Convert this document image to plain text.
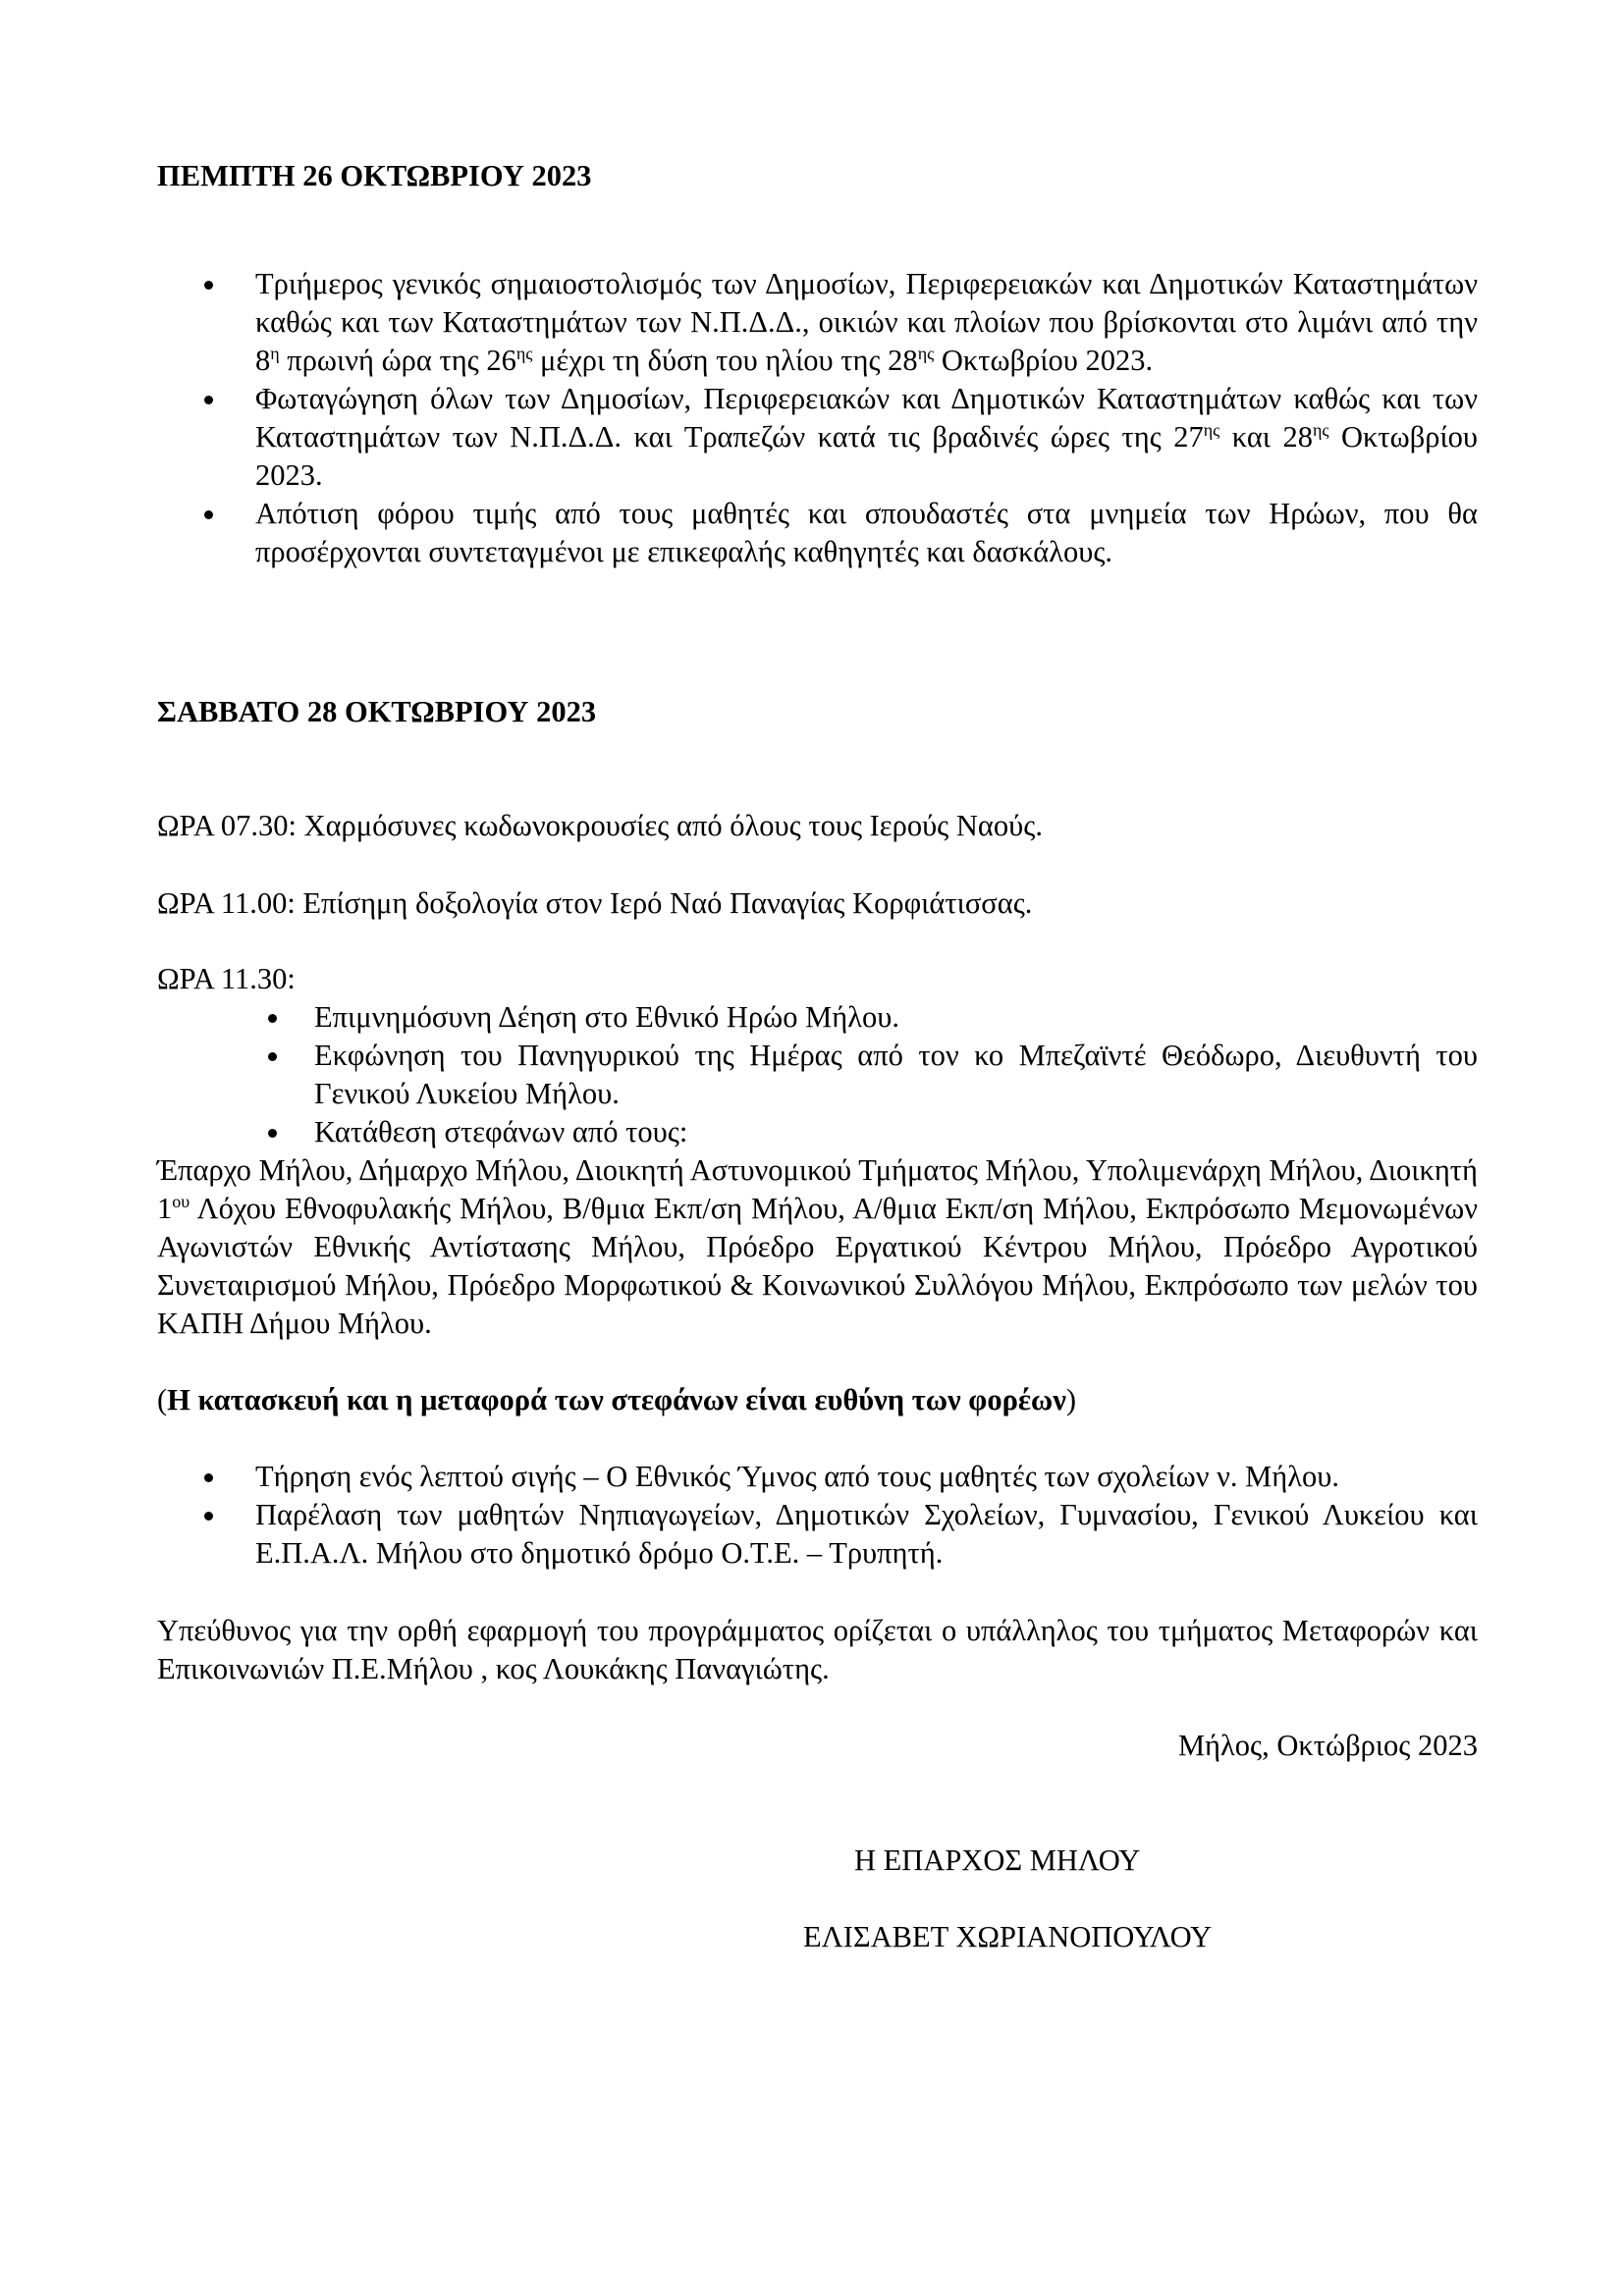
ΠΕΜΠΤΗ 26 ΟΚΤΩΒΡΙΟΥ 2023
Τριήμερος γενικός σημαιοστολισμός των Δημοσίων, Περιφερειακών και Δημοτικών Καταστημάτων καθώς και των Καταστημάτων των Ν.Π.Δ.Δ., οικιών και πλοίων που βρίσκονται στο λιμάνι από την $8^\eta$ πρωινή ώρα της $26^{\eta\varsigma}$ μέχρι τη δύση του ηλίου της $28^{\eta\varsigma}$ Οκτωβρίου 2023.
Φωταγώγηση όλων των Δημοσίων, Περιφερειακών και Δημοτικών Καταστημάτων καθώς και των Καταστημάτων των Ν.Π.Δ.Δ. και Τραπεζών κατά τις βραδινές ώρες της $27^{\eta\varsigma}$ και $28^{\eta\varsigma}$ Οκτωβρίου 2023.
Απότιση φόρου τιμής από τους μαθητές και σπουδαστές στα μνημεία των Ηρώων, που θα προσέρχονται συντεταγμένοι με επικεφαλής καθηγητές και δασκάλους.
ΣΑΒΒΑΤΟ 28 ΟΚΤΩΒΡΙΟΥ 2023
ΩΡΑ 07.30: Χαρμόσυνες κωδωνοκρουσίες από όλους τους Ιερούς Ναούς.
ΩΡΑ 11.00: Επίσημη δοξολογία στον Ιερό Ναό Παναγίας Κορφιάτισσας.
ΩΡΑ 11.30:
Επιμνημόσυνη Δέηση στο Εθνικό Ηρώο Μήλου.
Εκφώνηση του Πανηγυρικού της Ημέρας από τον κο Μπεζαϊντέ Θεόδωρο, Διευθυντή του Γενικού Λυκείου Μήλου.
Κατάθεση στεφάνων από τους:
Έπαρχο Μήλου, Δήμαρχο Μήλου, Διοικητή Αστυνομικού Τμήματος Μήλου, Υπολιμενάρχη Μήλου, Διοικητή $1^{o\upsilon}$ Λόχου Εθνοφυλακής Μήλου, Β/θμια Εκπ/ση Μήλου, Α/θμια Εκπ/ση Μήλου, Εκπρόσωπο Μεμονωμένων Αγωνιστών Εθνικής Αντίστασης Μήλου, Πρόεδρο Εργατικού Κέντρου Μήλου, Πρόεδρο Αγροτικού Συνεταιρισμού Μήλου, Πρόεδρο Μορφωτικού & Κοινωνικού Συλλόγου Μήλου, Εκπρόσωπο των μελών του ΚΑΠΗ Δήμου Μήλου.
(Η κατασκευή και η μεταφορά των στεφάνων είναι ευθύνη των φορέων)
Τήρηση ενός λεπτού σιγής – Ο Εθνικός Ύμνος από τους μαθητές των σχολείων ν. Μήλου.
Παρέλαση των μαθητών Νηπιαγωγείων, Δημοτικών Σχολείων, Γυμνασίου, Γενικού Λυκείου και Ε.Π.Α.Λ. Μήλου στο δημοτικό δρόμο Ο.Τ.Ε. – Τρυπητή.
Υπεύθυνος για την ορθή εφαρμογή του προγράμματος ορίζεται ο υπάλληλος του τμήματος Μεταφορών και Επικοινωνιών Π.Ε.Μήλου , κος Λουκάκης Παναγιώτης.
Μήλος, Οκτώβριος 2023
Η ΕΠΑΡΧΟΣ ΜΗΛΟΥ
ΕΛΙΣΑΒΕΤ ΧΩΡΙΑΝΟΠΟΥΛΟΥ
